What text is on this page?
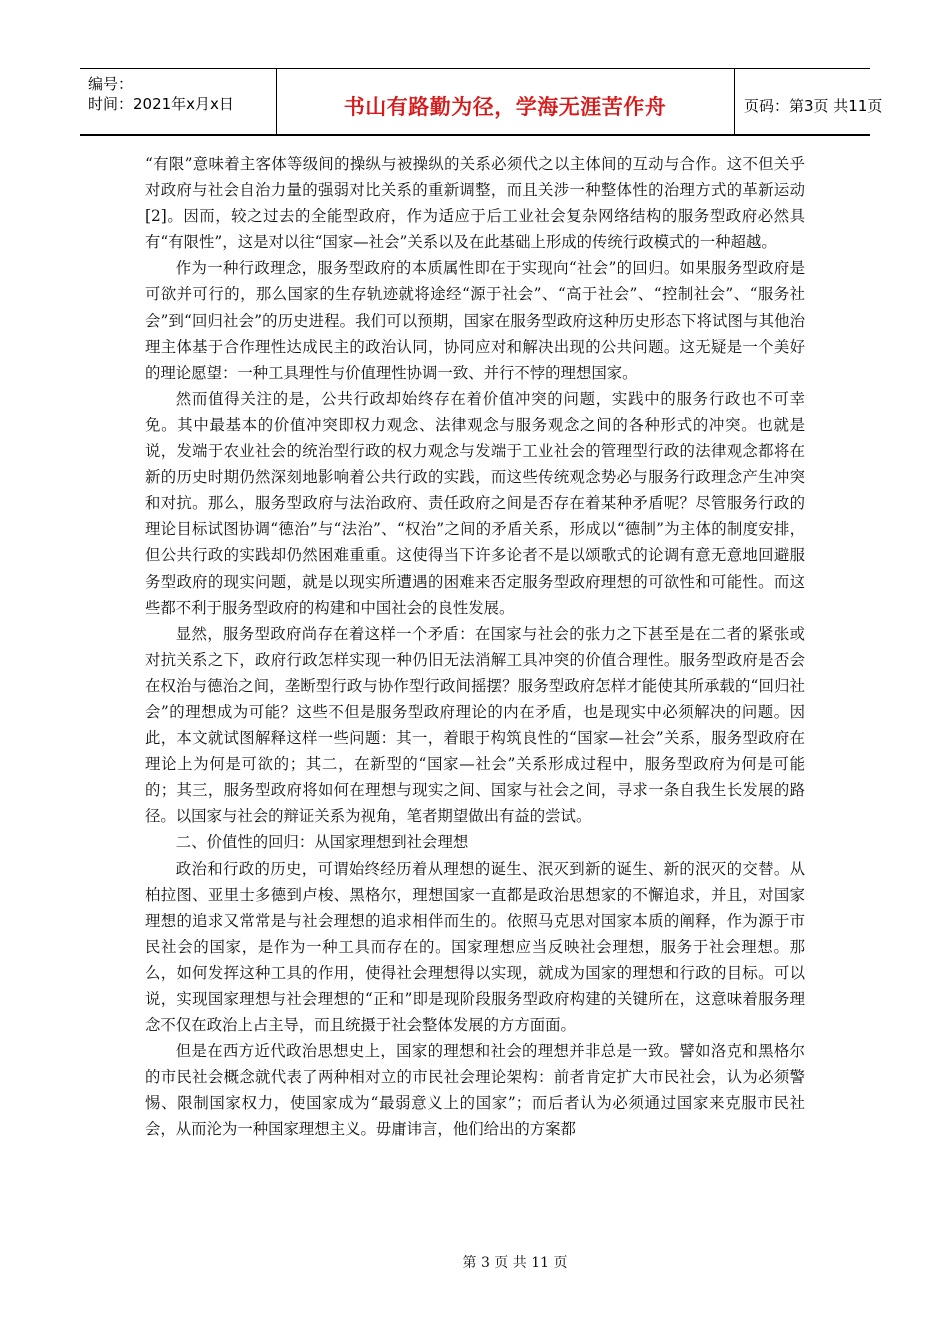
编号：
时间：2021年x月x日	书山有路勤为径，学海无涯苦作舟	页码：第3页 共11页

“有限”意味着主客体等级间的操纵与被操纵的关系必须代之以主体间的互动与合作。这不但关乎对政府与社会自治力量的强弱对比关系的重新调整，而且关涉一种整体性的治理方式的革新运动[2]。因而，较之过去的全能型政府，作为适应于后工业社会复杂网络结构的服务型政府必然具有“有限性”，这是对以往“国家—社会”关系以及在此基础上形成的传统行政模式的一种超越。

作为一种行政理念，服务型政府的本质属性即在于实现向“社会”的回归。如果服务型政府是可欲并可行的，那么国家的生存轨迹就将途经“源于社会”、“高于社会”、“控制社会”、“服务社会”到“回归社会”的历史进程。我们可以预期，国家在服务型政府这种历史形态下将试图与其他治理主体基于合作理性达成民主的政治认同，协同应对和解决出现的公共问题。这无疑是一个美好的理论愿望：一种工具理性与价值理性协调一致、并行不悖的理想国家。

然而值得关注的是，公共行政却始终存在着价值冲突的问题，实践中的服务行政也不可幸免。其中最基本的价值冲突即权力观念、法律观念与服务观念之间的各种形式的冲突。也就是说，发端于农业社会的统治型行政的权力观念与发端于工业社会的管理型行政的法律观念都将在新的历史时期仍然深刻地影响着公共行政的实践，而这些传统观念势必与服务行政理念产生冲突和对抗。那么，服务型政府与法治政府、责任政府之间是否存在着某种矛盾呢？尽管服务行政的理论目标试图协调“德治”与“法治”、“权治”之间的矛盾关系，形成以“德制”为主体的制度安排，但公共行政的实践却仍然困难重重。这使得当下许多论者不是以颂歌式的论调有意无意地回避服务型政府的现实问题，就是以现实所遭遇的困难来否定服务型政府理想的可欲性和可能性。而这些都不利于服务型政府的构建和中国社会的良性发展。

显然，服务型政府尚存在着这样一个矛盾：在国家与社会的张力之下甚至是在二者的紧张或对抗关系之下，政府行政怎样实现一种仍旧无法消解工具冲突的价值合理性。服务型政府是否会在权治与德治之间，垄断型行政与协作型行政间摇摆？服务型政府怎样才能使其所承载的“回归社会”的理想成为可能？这些不但是服务型政府理论的内在矛盾，也是现实中必须解决的问题。因此，本文就试图解释这样一些问题：其一，着眼于构筑良性的“国家—社会”关系，服务型政府在理论上为何是可欲的；其二，在新型的“国家—社会”关系形成过程中，服务型政府为何是可能的；其三，服务型政府将如何在理想与现实之间、国家与社会之间，寻求一条自我生长发展的路径。以国家与社会的辩证关系为视角，笔者期望做出有益的尝试。

二、价值性的回归：从国家理想到社会理想

政治和行政的历史，可谓始终经历着从理想的诞生、泯灭到新的诞生、新的泯灭的交替。从柏拉图、亚里士多德到卢梭、黑格尔，理想国家一直都是政治思想家的不懈追求，并且，对国家理想的追求又常常是与社会理想的追求相伴而生的。依照马克思对国家本质的阐释，作为源于市民社会的国家，是作为一种工具而存在的。国家理想应当反映社会理想，服务于社会理想。那么，如何发挥这种工具的作用，使得社会理想得以实现，就成为国家的理想和行政的目标。可以说，实现国家理想与社会理想的“正和”即是现阶段服务型政府构建的关键所在，这意味着服务理念不仅在政治上占主导，而且统摄于社会整体发展的方方面面。

但是在西方近代政治思想史上，国家的理想和社会的理想并非总是一致。譬如洛克和黑格尔的市民社会概念就代表了两种相对立的市民社会理论架构：前者肯定扩大市民社会，认为必须警惕、限制国家权力，使国家成为“最弱意义上的国家”；而后者认为必须通过国家来克服市民社会，从而沦为一种国家理想主义。毋庸讳言，他们给出的方案都

第 3 页 共 11 页
